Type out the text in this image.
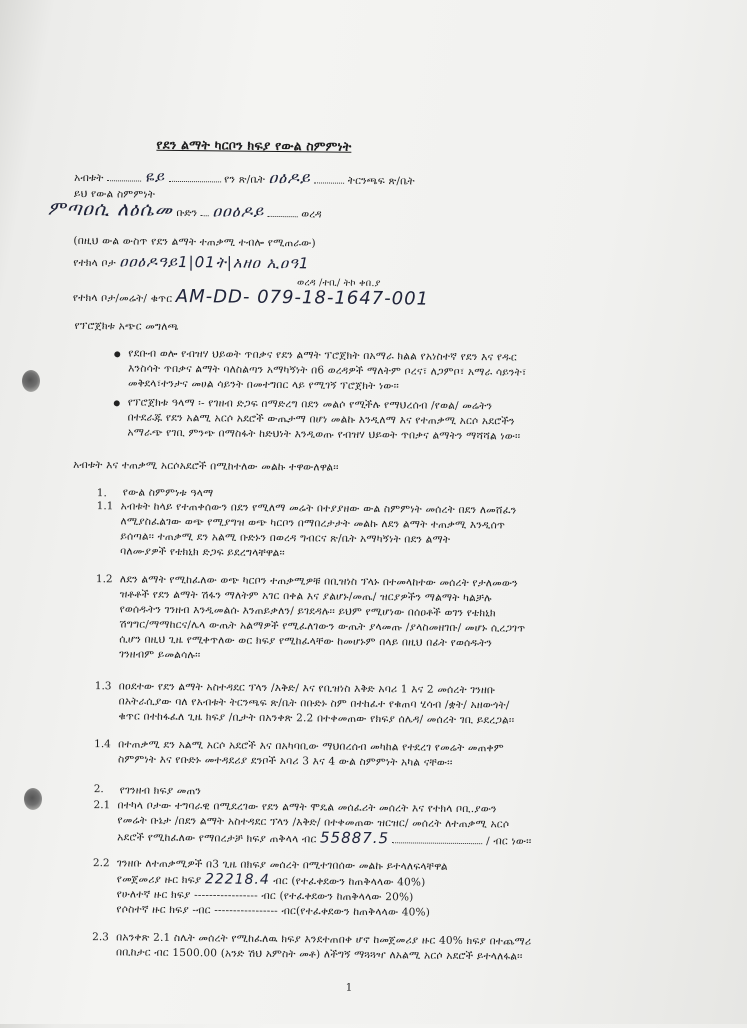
የደን ልማት ካርቦን ክፍያ የውል ስምምነት
አብቱት	ዬይ	የን ጽ/ቤት ዐዕዶይ	ትርንጫፍ ጽ/ቤት
ይህ የውል ስምምነት
ምጣዐሲ ለዕሴመ ቡድን ዐዐዕዶይ	ወረዳ
(በዚህ ውል ውስጥ የደን ልማት ተጠቃሚ ተብሎ የሚጠራው)
የተክላ ቦታ ዐዐዕዶዓይ1|01ት|አዘዐ ኢዐዓ1
ወረዳ /ተቢ/ ትኮ ቀበ.ያ
የተክላ ቦታ/መሬት/ ቁጥር AM-DD- 079-18-1647-001
የፕሮጀክቱ አጭር መግለጫ
የደቡብ ወሎ የብዝሃ ህይወት ጥበቃና የደን ልማት ፕሮጀክት በአማራ ክልል የአነስተኛ የደን እና የዱር
እንስሳት ጥበቃና ልማት ባለስልጣን አማካኝነት በ6 ወረዳዎች ማለትም ቦረና፣ ለጋምቦ፣ አማራ ሳይንት፣
መቅደላ፣ተንታና መሀል ሳይንት በመተግበር ላይ የሚገኝ ፕሮጀክት ነው፡፡
የፕሮጀክቱ ዓላማ ፡- የገዘብ ድጋፍ በማድረግ በደን መልሶ የሚችሉ የማህረሰብ /የወል/ መሬትን
በተደራጁ የደን አልሚ አርሶ አደሮች ውጤታማ በሆነ መልኩ እንዲለማ እና የተጠቃሚ አርሶ አደሮችን
አማራጭ የገቢ ምንጭ በማስፋት ከድህነት እንዲወጡ የብዝሃ ህይወት ጥበቃና ልማትን ማሻሻል ነው፡፡
አብቱት እና ተጠቃሚ አርሶአደሮች በሚከተለው መልኩ ተዋውለዋል፡፡
1. የውል ስምምነቱ ዓላማ
1.1 አብቱት ከላይ የተጠቀሰውን በደን የሚለማ መሬት በተያያዘው ውል ስምምነት መሰረት በደን ለመሸፈን
ለሚያስፈልገው ወጭ የሚያግዝ ወጭ ካርቦን በማበረታታት መልኩ ለደን ልማት ተጠቃሚ እንዲሰጥ
ይሰጣል፡፡ ተጠቃሚ ደን አልሚ ቡድኑን በወረዳ ግብርና ጽ/ቤት አማካኝነት በደን ልማት
ባለሙያዎች የቴክኒክ ድጋፍ ይደረግላቸዋል፡፡
1.2 ለደን ልማት የሚከፈለው ወጭ ካርቦን ተጠቃሚዎቹ በቢዝነስ ፕላኑ በተመላከተው መሰረት የታለመውን
ዝቶቶች የደን ልማት ሽፋን ማለትም አገር በቀል እና ያልሆኑ/መጤ/ ዝርያዎችን ማልማት ካልቻሉ
የወሰዱትን ገንዘብ እንዲመልሱ እንጠይቃለን/ ይገደዳሉ፡፡ ይህም የሚሆነው በሰዐቶች ወገን የቴክኒክ
ሽግግር/ማማከርና/ሌላ ውጤት አልማዎች የሚፈለገውን ውጤት ያላመጡ /ያላስመዘገቡ/ መሆኑ ሲረጋገጥ
ሲሆን በዚህ ጊዜ የሚቀጥለው ወር ክፍያ የሚከፈላቸው ከመሆኑም በላይ በዚህ በፊት የወሰዱትን
ገንዘብም ይመልሳሉ፡፡
1.3 በዐደተው የደን ልማት አስተዳደር ፕላን /እቅድ/ እና የቢዝነስ እቅድ አባሪ 1 እና 2 መሰረት ገንዘቡ
በአትራሲያው ባለ የአብቱት ትርንጫፍ ጽ/ቤት በቡድኑ ስም በተከፈተ የቁጠባ ሂሳብ /ቋት/ አዘውጎት/
ቁጥር በተከፋፈለ ጊዜ ክፍያ /ቢታት በአንቀጽ 2.2 በተቀመጠው የክፍያ ሰሌዳ/ መሰረት ገቢ ይደረጋል፡፡
1.4 በተጠቃሚ ደን አልሚ አርሶ አደሮች እና በአካባቢው ማህበረሰብ መካከል የተደረገ የመሬት መጠቀም
ስምምነት እና የቡድኑ መተዳደሪያ ደንቦች አባሪ 3 እና 4 ውል ስምምነት አካል ናቸው፡፡
2. የገንዘብ ክፍያ መጠን
2.1 በተካላ ቦታው ተግባራዊ በሚደረገው የደን ልማት ሞዴል መሰፈሪት መሰረት እና የተክላ ቦቢ.ያውን
የመሬት ቡኔታ /በደን ልማት አስተዳደር ፕላን /እቅድ/ በተቀመጠው ዝርዝር/ መሰረት ለተጠቃሚ አርሶ
አደሮች የሚከፈለው የማበረታቻ ክፍያ ጠቅላላ ብር 55887.5	/ ብር ነው፡፡
2.2 ገንዘቡ ለተጠቃሚዎች በ3 ጊዜ በክፍያ መሰረት በሚተገበሰው መልኩ ይተላለፍላቸዋል
የመጀመሪያ ዙር ክፍያ 22218.4 ብር (የተፈቀደውን ከጠቅላላው 40%)
የሁለተኛ ዙር ክፍያ ----------------- ብር (የተፈቀደውን ከጠቅላላው 20%)
የሶስተኛ ዙር ክፍያ -ብር ----------------- ብር(የተፈቀደውን ከጠቅላላው 40%)
2.3 በአንቀጽ 2.1 ስሌት መሰረት የሚከፈለዉ ክፍያ እንደተጠበቀ ሆኖ ከመጀመሪያ ዙር 40% ክፍያ በተጨማሪ
በቢከታር ብር 1500.00 (አንድ ሽህ አምስት መቶ) ለችግኝ ማጓጓዣ ለአልሚ አርሶ አደሮች ይተላለፋል፡፡
1
